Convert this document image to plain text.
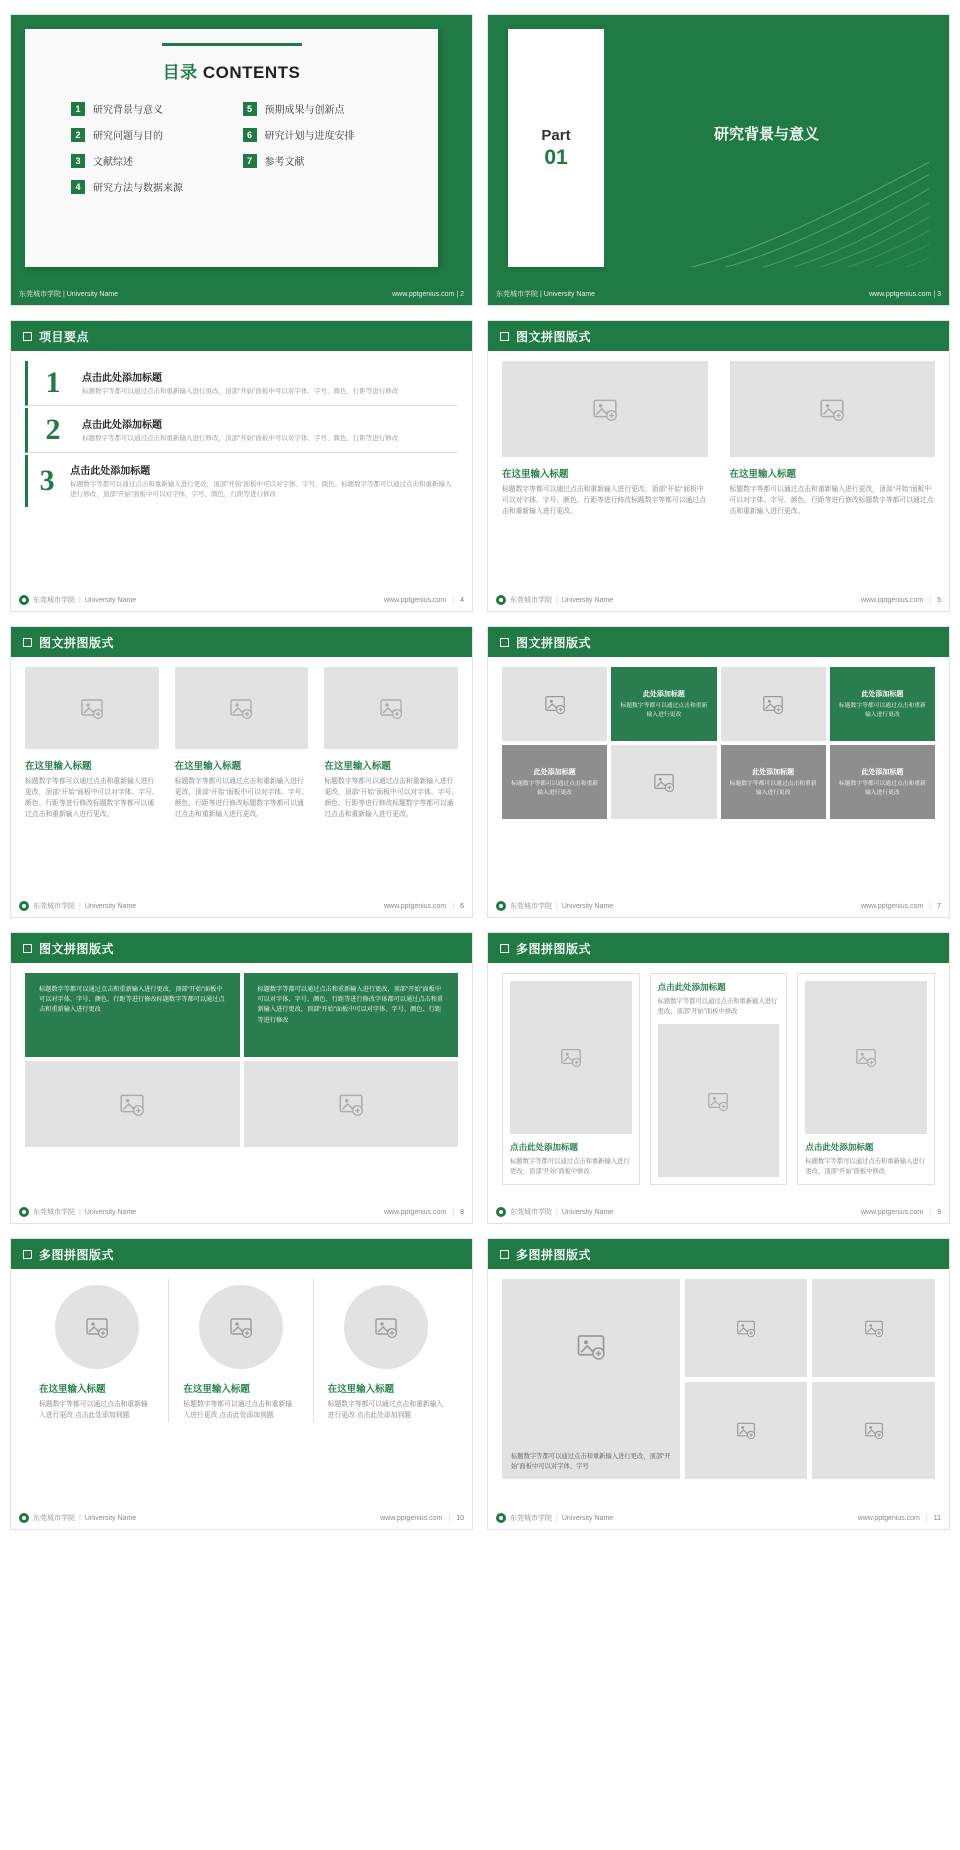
目录 CONTENTS
1	研究背景与意义	5	预期成果与创新点
2	研究问题与目的	6	研究计划与进度安排
3	文献综述	7	参考文献
4	研究方法与数据来源
东莞城市学院 | University Name	www.pptgenius.com | 2
Part
01
研究背景与意义
东莞城市学院 | University Name	www.pptgenius.com | 3
项目要点
1	点击此处添加标题
标题数字等都可以通过点击和重新输入进行更改，顶部“开始”面板中可以对字体、字号、颜色、行距等进行修改
2	点击此处添加标题
标题数字等都可以通过点击和重新输入进行修改，顶部“开始”面板中可以对字体、字号、颜色、行距等进行修改
3	点击此处添加标题
标题数字等都可以通过点击和重新输入进行更改，顶部“开始”面板中可以对字体、字号、颜色。标题数字等都可以通过点击和重新输入进行修改，顶部“开始”面板中可以对字体、字号、颜色、行距等进行修改
东莞城市学院 | University Name	www.pptgenius.com | 4
图文拼图版式
在这里输入标题
标题数字等都可以通过点击和重新输入进行更改，顶部“开始”面板中可以对字体、字号、颜色、行距等进行修改标题数字等都可以通过点击和重新输入进行更改。
在这里输入标题
标题数字等都可以通过点击和重新输入进行更改，顶部“开始”面板中可以对字体、字号、颜色、行距等进行修改标题数字等都可以通过点击和重新输入进行更改。
东莞城市学院 | University Name	www.pptgenius.com | 5
图文拼图版式
在这里输入标题
标题数字等都可以通过点击和重新输入进行更改，顶部“开始”面板中可以对字体、字号、颜色、行距等进行修改标题数字等都可以通过点击和重新输入进行更改。
在这里输入标题
标题数字等都可以通过点击和重新输入进行更改，顶部“开始”面板中可以对字体、字号、颜色、行距等进行修改标题数字等都可以通过点击和重新输入进行更改。
在这里输入标题
标题数字等都可以通过点击和重新输入进行更改，顶部“开始”面板中可以对字体、字号、颜色、行距等进行修改标题数字等都可以通过点击和重新输入进行更改。
东莞城市学院 | University Name	www.pptgenius.com | 6
图文拼图版式
此处添加标题
标题数字等都可以通过点击和重新输入进行更改
此处添加标题
标题数字等都可以通过点击和重新输入进行更改
此处添加标题
标题数字等都可以通过点击和重新输入进行更改
此处添加标题
标题数字等都可以通过点击和重新输入进行更改
此处添加标题
标题数字等都可以通过点击和重新输入进行更改
东莞城市学院 | University Name	www.pptgenius.com | 7
图文拼图版式
标题数字等都可以通过点击和重新输入进行更改，顶部“开始”面板中可以对字体、字号、颜色、行距等进行修改标题数字等都可以通过点击和重新输入进行更改
标题数字等都可以通过点击和重新输入进行更改，顶部“开始”面板中可以对字体、字号、颜色、行距等进行修改字体都可以通过点击和重新输入进行更改，顶部“开始”面板中可以对字体、字号、颜色、行距等进行修改
东莞城市学院 | University Name	www.pptgenius.com | 8
多图拼图版式
点击此处添加标题
标题数字等都可以通过点击和重新输入进行更改，顶部“开始”面板中修改
点击此处添加标题
标题数字等都可以通过点击和重新输入进行更改，顶部“开始”面板中修改
点击此处添加标题
标题数字等都可以通过点击和重新输入进行更改，顶部“开始”面板中修改
东莞城市学院 | University Name	www.pptgenius.com | 9
多图拼图版式
在这里输入标题
标题数字等都可以通过点击和重新输入进行更改 点击此处添加到题
在这里输入标题
标题数字等都可以通过点击和重新输入进行更改 点击此处添加到题
在这里输入标题
标题数字等都可以通过点击和重新输入进行更改 点击此处添加到题
东莞城市学院 | University Name	www.pptgenius.com | 10
多图拼图版式
标题数字等都可以通过点击和重新输入进行更改，顶部“开始”面板中可以对字体、字号
东莞城市学院 | University Name	www.pptgenius.com | 11
